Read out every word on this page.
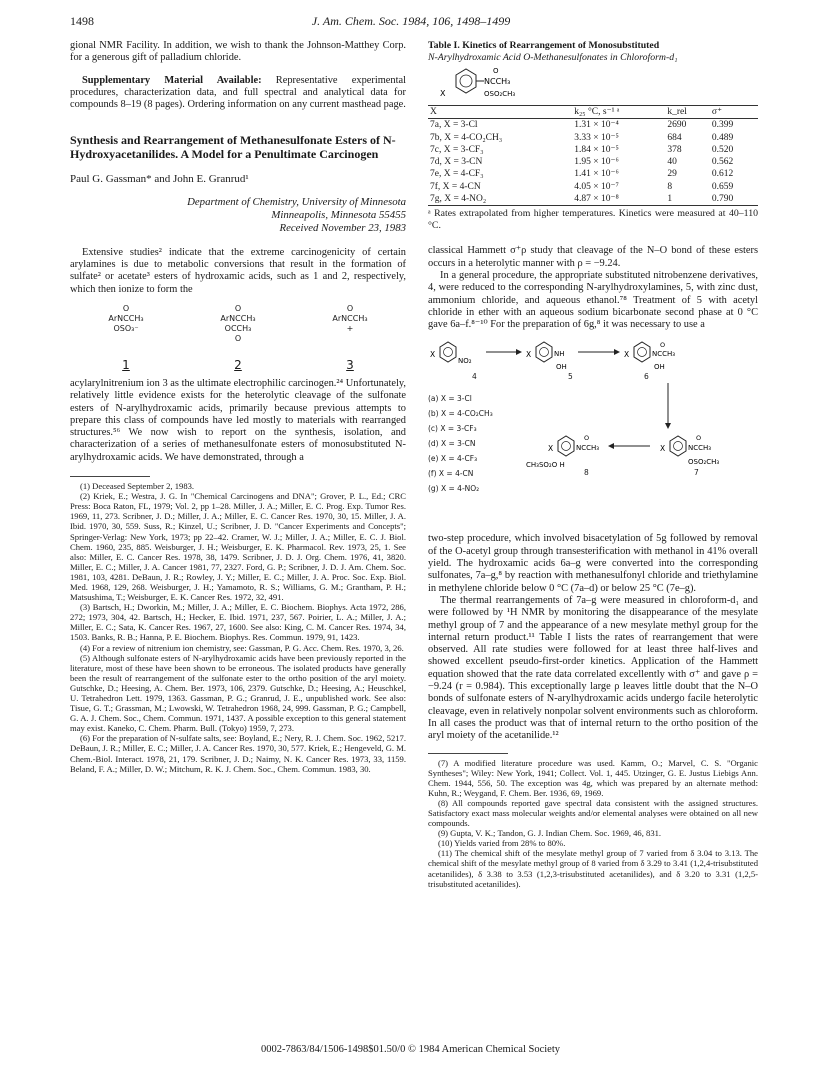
1498	J. Am. Chem. Soc. 1984, 106, 1498–1499

gional NMR Facility. In addition, we wish to thank the Johnson-Matthey Corp. for a generous gift of palladium chloride.

Supplementary Material Available: Representative experimental procedures, characterization data, and full spectral and analytical data for compounds 8–19 (8 pages). Ordering information on any current masthead page.

Synthesis and Rearrangement of Methanesulfonate Esters of N-Hydroxyacetanilides. A Model for a Penultimate Carcinogen

Paul G. Gassman* and John E. Granrud¹

Department of Chemistry, University of Minnesota
Minneapolis, Minnesota 55455
Received November 23, 1983

Extensive studies² indicate that the extreme carcinogenicity of certain arylamines is due to metabolic conversions that result in the formation of sulfate² or acetate³ esters of hydroxamic acids, such as 1 and 2, respectively, which then ionize to form the

O
ArNCCH₃
OSO₃⁻
1
O
ArNCCH₃
OCCH₃
O
2
O
ArNCCH₃
+
3

acylarylnitrenium ion 3 as the ultimate electrophilic carcinogen.²⁴ Unfortunately, relatively little evidence exists for the heterolytic cleavage of the sulfonate esters of N-arylhydroxamic acids, primarily because previous attempts to prepare this class of compounds have led mostly to materials with rearranged structures.⁵⁶ We now wish to report on the synthesis, isolation, and characterization of a series of methanesulfonate esters of monosubstituted N-arylhydroxamic acids. We have demonstrated, through a

(1) Deceased September 2, 1983.

(2) Kriek, E.; Westra, J. G. In "Chemical Carcinogens and DNA"; Grover, P. L., Ed.; CRC Press: Boca Raton, FL, 1979; Vol. 2, pp 1–28. Miller, J. A.; Miller, E. C. Prog. Exp. Tumor Res. 1969, 11, 273. Scribner, J. D.; Miller, J. A.; Miller, E. C. Cancer Res. 1970, 30, 15. Miller, J. A. Ibid. 1970, 30, 559. Suss, R.; Kinzel, U.; Scribner, J. D. "Cancer Experiments and Concepts"; Springer-Verlag: New York, 1973; pp 22–42. Cramer, W. J.; Miller, J. A.; Miller, E. C. J. Biol. Chem. 1960, 235, 885. Weisburger, J. H.; Weisburger, E. K. Pharmacol. Rev. 1973, 25, 1. See also: Miller, E. C. Cancer Res. 1978, 38, 1479. Scribner, J. D. J. Org. Chem. 1976, 41, 3820. Miller, E. C.; Miller, J. A. Cancer 1981, 77, 2327. Ford, G. P.; Scribner, J. D. J. Am. Chem. Soc. 1981, 103, 4281. DeBaun, J. R.; Rowley, J. Y.; Miller, E. C.; Miller, J. A. Proc. Soc. Exp. Biol. Med. 1968, 129, 268. Weisburger, J. H.; Yamamoto, R. S.; Williams, G. M.; Grantham, P. H.; Matsushima, T.; Weisburger, E. K. Cancer Res. 1972, 32, 491.

(3) Bartsch, H.; Dworkin, M.; Miller, J. A.; Miller, E. C. Biochem. Biophys. Acta 1972, 286, 272; 1973, 304, 42. Bartsch, H.; Hecker, E. Ibid. 1971, 237, 567. Poirier, L. A.; Miller, J. A.; Miller, E. C.; Sata, K. Cancer Res. 1967, 27, 1600. See also: King, C. M. Cancer Res. 1974, 34, 1503. Banks, R. B.; Hanna, P. E. Biochem. Biophys. Res. Commun. 1979, 91, 1423.

(4) For a review of nitrenium ion chemistry, see: Gassman, P. G. Acc. Chem. Res. 1970, 3, 26.

(5) Although sulfonate esters of N-arylhydroxamic acids have been previously reported in the literature, most of these have been shown to be erroneous. The isolated products have generally been the result of rearrangement of the sulfonate ester to the ortho position of the aryl moiety. Gutschke, D.; Heesing, A. Chem. Ber. 1973, 106, 2379. Gutschke, D.; Heesing, A.; Heuschkel, U. Tetrahedron Lett. 1979, 1363. Gassman, P. G.; Granrud, J. E., unpublished work. See also: Tisue, G. T.; Grassman, M.; Lwowski, W. Tetrahedron 1968, 24, 999. Gassman, P. G.; Campbell, G. A. J. Chem. Soc., Chem. Commun. 1971, 1437. A possible exception to this general statement may exist. Kaneko, C. Chem. Pharm. Bull. (Tokyo) 1959, 7, 273.

(6) For the preparation of N-sulfate salts, see: Boyland, E.; Nery, R. J. Chem. Soc. 1962, 5217. DeBaun, J. R.; Miller, E. C.; Miller, J. A. Cancer Res. 1970, 30, 577. Kriek, E.; Hengeveld, G. M. Chem.-Biol. Interact. 1978, 21, 179. Scribner, J. D.; Naimy, N. K. Cancer Res. 1973, 33, 1159. Beland, F. A.; Miller, D. W.; Mitchum, R. K. J. Chem. Soc., Chem. Commun. 1983, 30.

Table I. Kinetics of Rearrangement of Monosubstituted
N-Arylhydroxamic Acid O-Methanesulfonates in Chloroform-d₁
NCCH₃
O
OSO₂CH₃
X
X	k₂₅ °C, s⁻¹ ᵃ	k_rel	σ⁺
7a, X = 3-Cl	1.31 × 10⁻⁴	2690	0.399
7b, X = 4-CO₂CH₃	3.33 × 10⁻⁵	684	0.489
7c, X = 3-CF₃	1.84 × 10⁻⁵	378	0.520
7d, X = 3-CN	1.95 × 10⁻⁶	40	0.562
7e, X = 4-CF₃	1.41 × 10⁻⁶	29	0.612
7f, X = 4-CN	4.05 × 10⁻⁷	8	0.659
7g, X = 4-NO₂	4.87 × 10⁻⁸	1	0.790

ᵃ Rates extrapolated from higher temperatures. Kinetics were measured at 40–110 °C.

classical Hammett σ⁺ρ study that cleavage of the N–O bond of these esters occurs in a heterolytic manner with ρ = −9.24.

In a general procedure, the appropriate substituted nitrobenzene derivatives, 4, were reduced to the corresponding N-arylhydroxylamines, 5, with zinc dust, ammonium chloride, and aqueous ethanol.⁷⁸ Treatment of 5 with acetyl chloride in ether with an aqueous sodium bicarbonate second phase at 0 °C gave 6a–f.⁸⁻¹⁰ For the preparation of 6g,⁸ it was necessary to use a

X
NO₂
X	NH
OH
X	NCCH₃
O
OH
X	NCCH₃
O
OSO₂CH₃
X	NCCH₃
O
CH₃SO₂O H
4	5	6
7
8
(a) X = 3-Cl
(b) X = 4-CO₂CH₃
(c) X = 3-CF₃
(d) X = 3-CN
(e) X = 4-CF₃
(f) X = 4-CN
(g) X = 4-NO₂

two-step procedure, which involved bisacetylation of 5g followed by removal of the O-acetyl group through transesterification with methanol in 41% overall yield. The hydroxamic acids 6a–g were converted into the corresponding sulfonates, 7a–g,⁸ by reaction with methanesulfonyl chloride and triethylamine in methylene chloride below 0 °C (7a–d) or below 25 °C (7e–g).

The thermal rearrangements of 7a–g were measured in chloroform-d₁ and were followed by ¹H NMR by monitoring the disappearance of the mesylate methyl group of 7 and the appearance of a new mesylate methyl group for the internal return product.¹¹ Table I lists the rates of rearrangement that were observed. All rate studies were followed for at least three half-lives and showed excellent pseudo-first-order kinetics. Application of the Hammett equation showed that the rate data correlated excellently with σ⁺ and gave ρ = −9.24 (r = 0.984). This exceptionally large ρ leaves little doubt that the N–O bonds of sulfonate esters of N-arylhydroxamic acids undergo facile heterolytic cleavage, even in relatively nonpolar solvent environments such as chloroform. In all cases the product was that of internal return to the ortho position of the aryl moiety of the acetanilide.¹²

(7) A modified literature procedure was used. Kamm, O.; Marvel, C. S. "Organic Syntheses"; Wiley: New York, 1941; Collect. Vol. 1, 445. Utzinger, G. E. Justus Liebigs Ann. Chem. 1944, 556, 50. The exception was 4g, which was prepared by an alternate method: Kuhn, R.; Weygand, F. Chem. Ber. 1936, 69, 1969.

(8) All compounds reported gave spectral data consistent with the assigned structures. Satisfactory exact mass molecular weights and/or elemental analyses were obtained on all new compounds.

(9) Gupta, V. K.; Tandon, G. J. Indian Chem. Soc. 1969, 46, 831.

(10) Yields varied from 28% to 80%.

(11) The chemical shift of the mesylate methyl group of 7 varied from δ 3.04 to 3.13. The chemical shift of the mesylate methyl group of 8 varied from δ 3.29 to 3.41 (1,2,4-trisubstituted acetanilides), δ 3.38 to 3.53 (1,2,3-trisubstituted acetanilides), and δ 3.20 to 3.31 (1,2,5-trisubstituted acetanilides).

0002-7863/84/1506-1498$01.50/0 © 1984 American Chemical Society
